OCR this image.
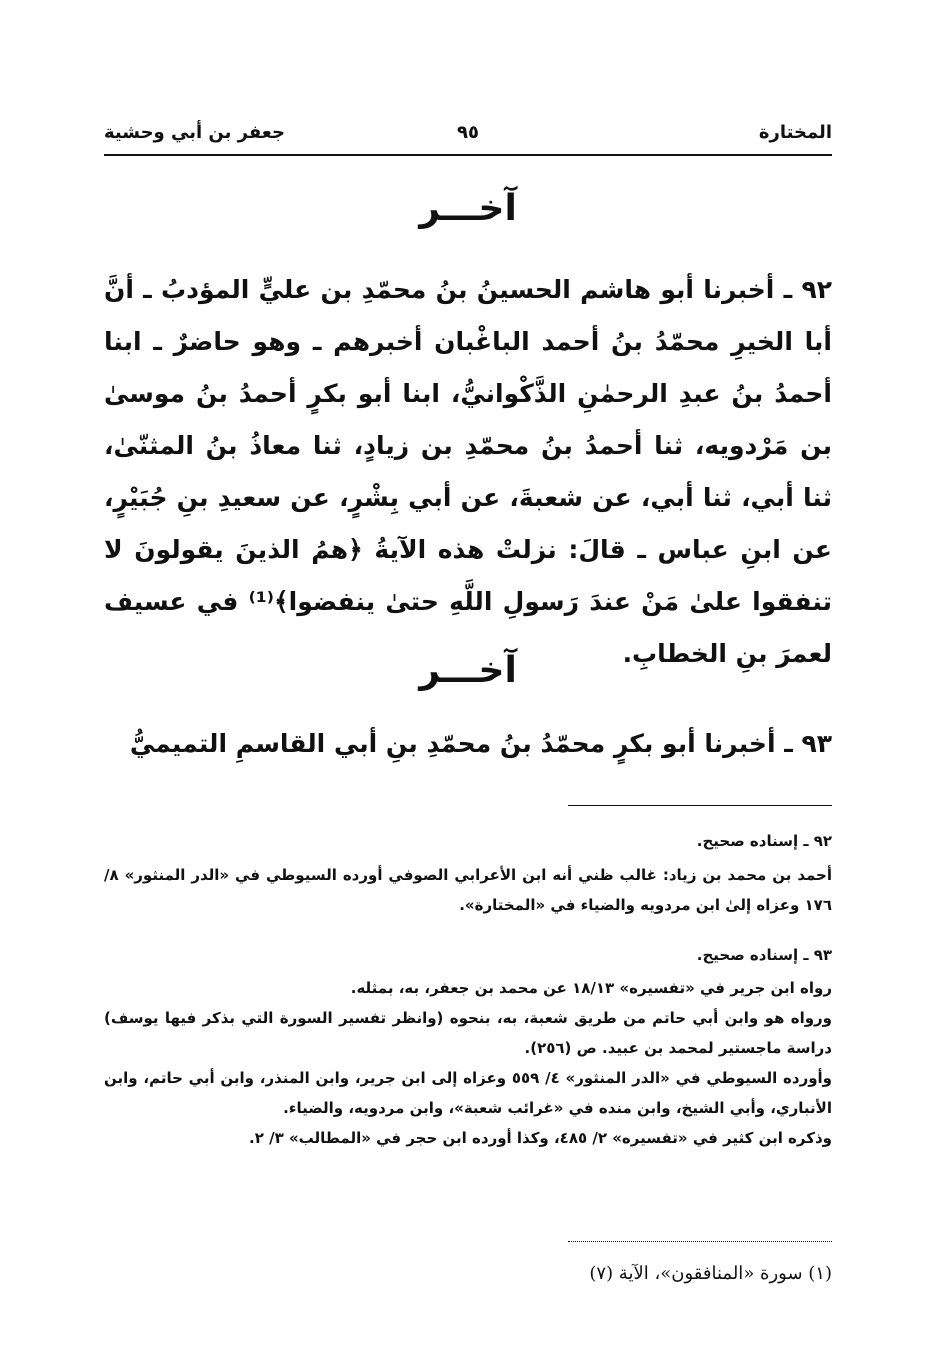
المختارة
٩٥
جعفر بن أبي وحشية
آخـــر
٩٢ ـ أخبرنا أبو هاشم الحسينُ بنُ محمّدِ بن عليٍّ المؤدبُ ـ أنَّ أبا الخيرِ محمّدُ بنُ أحمد الباغْبان أخبرهم ـ وهو حاضرٌ ـ ابنا أحمدُ بنُ عبدِ الرحمٰنِ الذَّكْوانيُّ، ابنا أبو بكرٍ أحمدُ بنُ موسىٰ بن مَرْدويه، ثنا أحمدُ بنُ محمّدِ بن زيادٍ، ثنا معاذُ بنُ المثنّىٰ، ثنا أبي، ثنا أبي، عن شعبةَ، عن أبي بِشْرٍ، عن سعيدِ بنِ جُبَيْرٍ، عن ابنِ عباس ـ قالَ: نزلتْ هذه الآيةُ ﴿همُ الذينَ يقولونَ لا تنفقوا علىٰ مَنْ عندَ رَسولِ اللَّهِ حتىٰ ينفضوا﴾⁽¹⁾ في عسيف لعمرَ بنِ الخطابِ.
آخـــر
٩٣ ـ أخبرنا أبو بكرٍ محمّدُ بنُ محمّدِ بنِ أبي القاسمِ التميميُّ
٩٢ ـ إسناده صحيح.
أحمد بن محمد بن زياد: غالب ظني أنه ابن الأعرابي الصوفي أورده السيوطي في «الدر المنثور» ٨/ ١٧٦ وعزاه إلىٰ ابن مردويه والضياء في «المختارة».
٩٣ ـ إسناده صحيح.
رواه ابن جرير في «تفسيره» ١٨/١٣ عن محمد بن جعفر، به، بمثله.
ورواه هو وابن أبي حاتم من طريق شعبة، به، بنحوه (وانظر تفسير السورة التي بذكر فيها يوسف) دراسة ماجستير لمحمد بن عبيد. ص (٢٥٦).
وأورده السيوطي في «الدر المنثور» ٤/ ٥٥٩ وعزاه إلى ابن جرير، وابن المنذر، وابن أبي حاتم، وابن الأنباري، وأبي الشيخ، وابن منده في «غرائب شعبة»، وابن مردويه، والضياء.
وذكره ابن كثير في «تفسيره» ٢/ ٤٨٥، وكذا أورده ابن حجر في «المطالب» ٣/ ٢.
(١) سورة «المنافقون»، الآية (٧)
